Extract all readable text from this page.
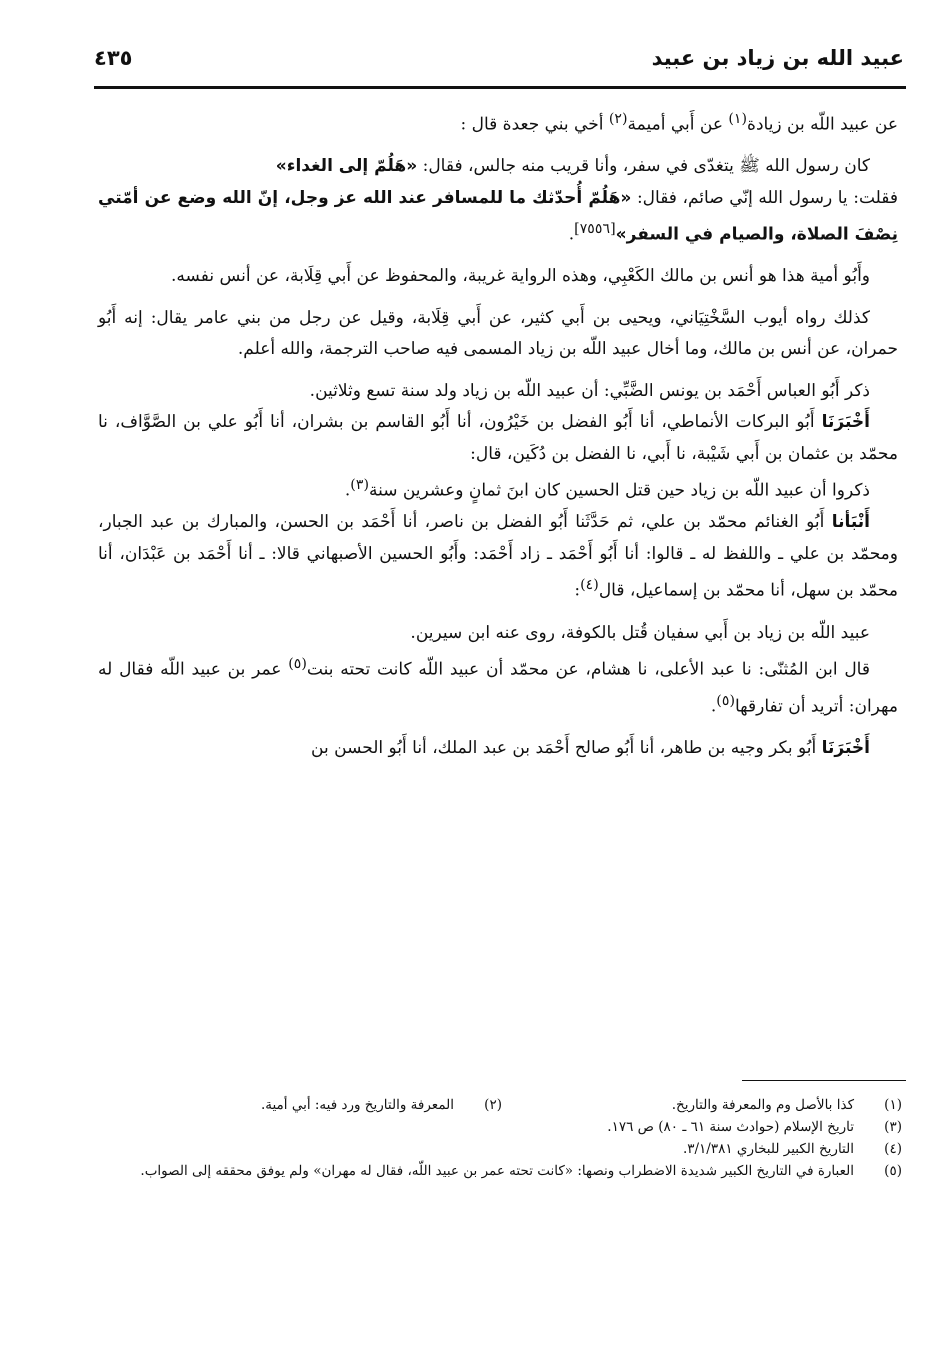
عبيد الله بن زياد بن عبيد
٤٣٥

عن عبيد اللّه بن زيادة$^{(١)}$ عن أَبي أميمة$^{(٢)}$ أخي بني جعدة قال :

كان رسول الله ﷺ يتغدّى في سفر، وأنا قريب منه جالس، فقال: «هَلُمّ إلى الغداء»

فقلت: يا رسول الله إنّي صائم، فقال: «هَلُمّ أُحدّثك ما للمسافر عند الله عز وجل، إنّ الله وضع عن أمّتي نِصْفَ الصلاة، والصيام في السفر»[٧٥٥٦].

وأَبُو أمية هذا هو أنس بن مالك الكَعْبِي، وهذه الرواية غريبة، والمحفوظ عن أَبي قِلَابة، عن أنس نفسه.

كذلك رواه أيوب السَّخْتِيَاني، ويحيى بن أَبي كثير، عن أَبي قِلَابة، وقيل عن رجل من بني عامر يقال: إنه أَبُو حمران، عن أنس بن مالك، وما أخال عبيد اللّه بن زياد المسمى فيه صاحب الترجمة، والله أعلم.

ذكر أَبُو العباس أَحْمَد بن يونس الضَّبِّي: أن عبيد اللّه بن زياد ولد سنة تسع وثلاثين.

أَخْبَرَنَا أَبُو البركات الأنماطي، أنا أَبُو الفضل بن خَيْرُون، أنا أَبُو القاسم بن بشران، أنا أَبُو علي بن الصَّوَّاف، نا محمّد بن عثمان بن أَبي شَيْبة، نا أَبي، نا الفضل بن دُكَين، قال:

ذكروا أن عبيد اللّه بن زياد حين قتل الحسين كان ابنَ ثمانٍ وعشرين سنة$^{(٣)}$.

أَنْبَأنا أَبُو الغنائم محمّد بن علي، ثم حَدَّثَنا أَبُو الفضل بن ناصر، أنا أَحْمَد بن الحسن، والمبارك بن عبد الجبار، ومحمّد بن علي ـ واللفظ له ـ قالوا: أنا أَبُو أَحْمَد ـ زاد أَحْمَد: وأَبُو الحسين الأصبهاني قالا: ـ أنا أَحْمَد بن عَبْدَان، أنا محمّد بن سهل، أنا محمّد بن إسماعيل، قال$^{(٤)}$:

عبيد اللّه بن زياد بن أَبي سفيان قُتل بالكوفة، روى عنه ابن سيرين.

قال ابن المُثنّى: نا عبد الأعلى، نا هشام، عن محمّد أن عبيد اللّه كانت تحته بنت$^{(٥)}$ عمر بن عبيد اللّه فقال له مهران: أتريد أن تفارقها$^{(٥)}$.

أَخْبَرَنَا أَبُو بكر وجيه بن طاهر، أنا أَبُو صالح أَحْمَد بن عبد الملك، أنا أَبُو الحسن بن

(١)
كذا بالأصل وم والمعرفة والتاريخ.
(٢)
المعرفة والتاريخ ورد فيه: أبي أمية.
(٣)
تاريخ الإسلام (حوادث سنة ٦١ ـ ٨٠) ص ١٧٦.
(٤)
التاريخ الكبير للبخاري ٣/١/٣٨١.
(٥)
العبارة في التاريخ الكبير شديدة الاضطراب ونصها: «كانت تحته عمر بن عبيد اللّه، فقال له مهران» ولم يوفق محققه إلى الصواب.
